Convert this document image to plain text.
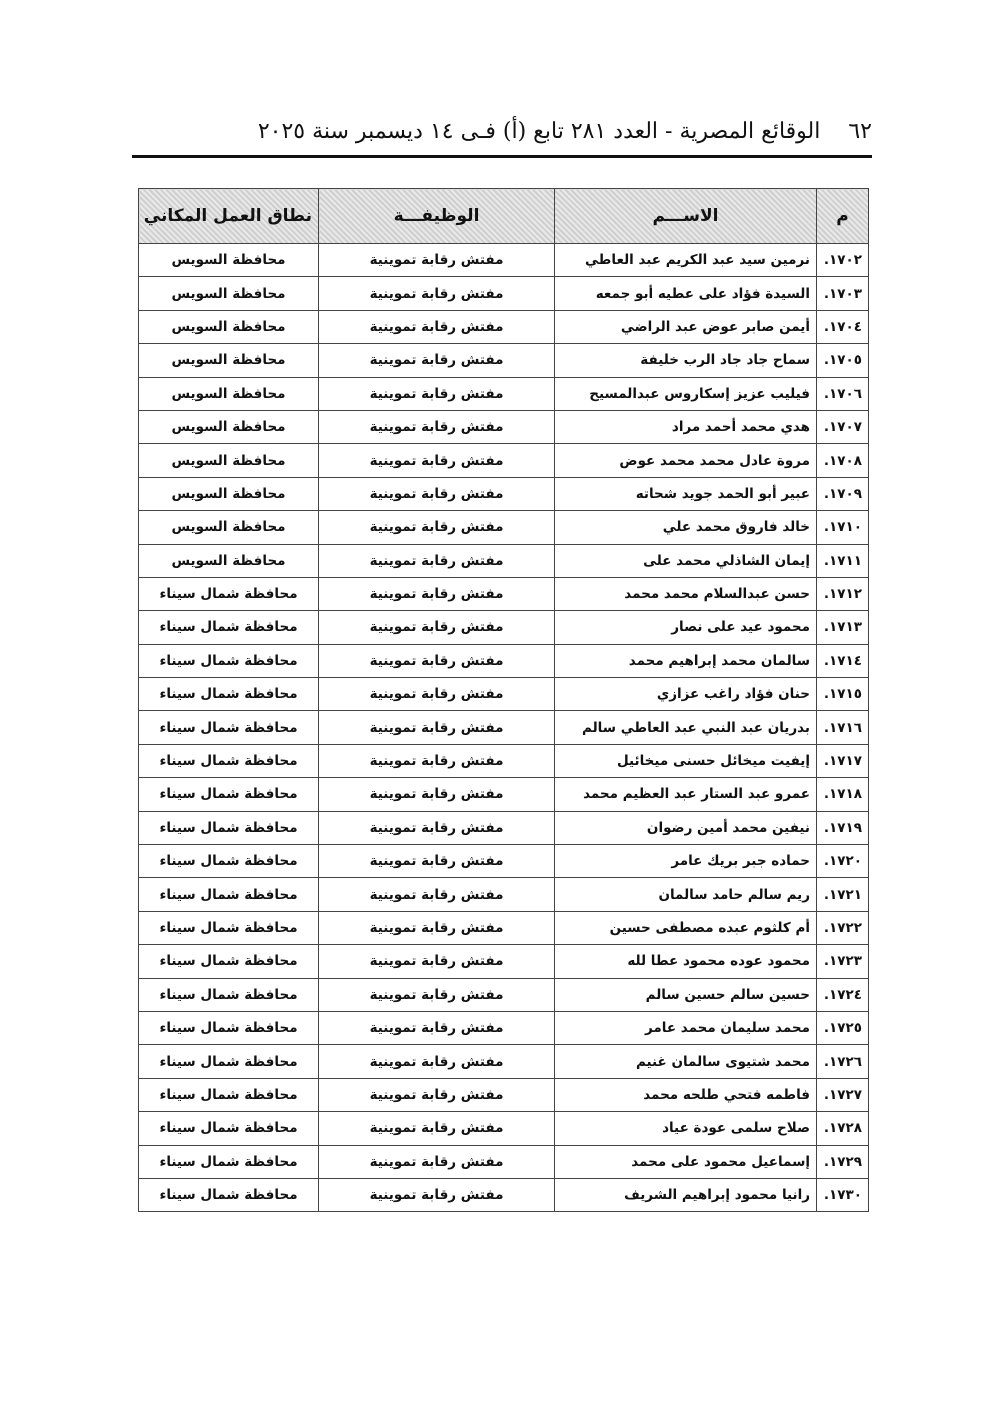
٦٢    الوقائع المصرية - العدد ٢٨١ تابع (أ) فـى ١٤ ديسمبر سنة ٢٠٢٥
م	الاســـم	الوظيفـــة	نطاق العمل المكاني
١٧٠٢.	نرمين سيد عبد الكريم عبد العاطي	مفتش رقابة تموينية	محافظة السويس
١٧٠٣.	السيدة فؤاد على عطيه أبو جمعه	مفتش رقابة تموينية	محافظة السويس
١٧٠٤.	أيمن صابر عوض عبد الراضي	مفتش رقابة تموينية	محافظة السويس
١٧٠٥.	سماح جاد جاد الرب خليفة	مفتش رقابة تموينية	محافظة السويس
١٧٠٦.	فيليب عزيز إسكاروس عبدالمسيح	مفتش رقابة تموينية	محافظة السويس
١٧٠٧.	هدي محمد أحمد مراد	مفتش رقابة تموينية	محافظة السويس
١٧٠٨.	مروة عادل محمد محمد عوض	مفتش رقابة تموينية	محافظة السويس
١٧٠٩.	عبير أبو الحمد جويد شحاته	مفتش رقابة تموينية	محافظة السويس
١٧١٠.	خالد فاروق محمد علي	مفتش رقابة تموينية	محافظة السويس
١٧١١.	إيمان الشاذلي محمد على	مفتش رقابة تموينية	محافظة السويس
١٧١٢.	حسن عبدالسلام محمد محمد	مفتش رقابة تموينية	محافظة شمال سيناء
١٧١٣.	محمود عيد على نصار	مفتش رقابة تموينية	محافظة شمال سيناء
١٧١٤.	سالمان محمد إبراهيم محمد	مفتش رقابة تموينية	محافظة شمال سيناء
١٧١٥.	حنان فؤاد راغب عزازي	مفتش رقابة تموينية	محافظة شمال سيناء
١٧١٦.	بدريان عبد النبي عبد العاطي سالم	مفتش رقابة تموينية	محافظة شمال سيناء
١٧١٧.	إيفيت ميخائل حسنى ميخائيل	مفتش رقابة تموينية	محافظة شمال سيناء
١٧١٨.	عمرو عبد الستار عبد العظيم محمد	مفتش رقابة تموينية	محافظة شمال سيناء
١٧١٩.	نيفين محمد أمين رضوان	مفتش رقابة تموينية	محافظة شمال سيناء
١٧٢٠.	حماده جبر بريك عامر	مفتش رقابة تموينية	محافظة شمال سيناء
١٧٢١.	ريم سالم حامد سالمان	مفتش رقابة تموينية	محافظة شمال سيناء
١٧٢٢.	أم كلثوم عبده مصطفى حسين	مفتش رقابة تموينية	محافظة شمال سيناء
١٧٢٣.	محمود عوده محمود عطا لله	مفتش رقابة تموينية	محافظة شمال سيناء
١٧٢٤.	حسين سالم حسين سالم	مفتش رقابة تموينية	محافظة شمال سيناء
١٧٢٥.	محمد سليمان محمد عامر	مفتش رقابة تموينية	محافظة شمال سيناء
١٧٢٦.	محمد شتيوى سالمان غنيم	مفتش رقابة تموينية	محافظة شمال سيناء
١٧٢٧.	فاطمه فتحي طلحه محمد	مفتش رقابة تموينية	محافظة شمال سيناء
١٧٢٨.	صلاح سلمى عودة عياد	مفتش رقابة تموينية	محافظة شمال سيناء
١٧٢٩.	إسماعيل محمود على محمد	مفتش رقابة تموينية	محافظة شمال سيناء
١٧٣٠.	رانيا محمود إبراهيم الشريف	مفتش رقابة تموينية	محافظة شمال سيناء
